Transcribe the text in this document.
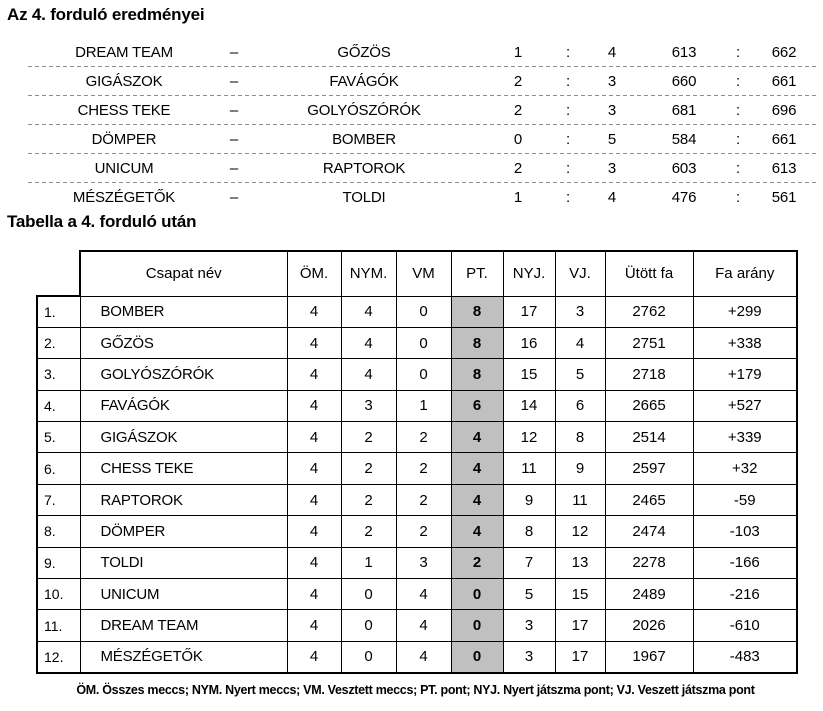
Az 4. forduló eredményei
DREAM TEAM	–	GŐZÖS	1	:	4	613	:	662
GIGÁSZOK	–	FAVÁGÓK	2	:	3	660	:	661
CHESS TEKE	–	GOLYÓSZÓRÓK	2	:	3	681	:	696
DÖMPER	–	BOMBER	0	:	5	584	:	661
UNICUM	–	RAPTOROK	2	:	3	603	:	613
MÉSZÉGETŐK	–	TOLDI	1	:	4	476	:	561
Tabella a 4. forduló után
	Csapat név	ÖM.	NYM.	VM	PT.	NYJ.	VJ.	Ütött fa	Fa arány
1.	BOMBER	4	4	0	8	17	3	2762	+299
2.	GŐZÖS	4	4	0	8	16	4	2751	+338
3.	GOLYÓSZÓRÓK	4	4	0	8	15	5	2718	+179
4.	FAVÁGÓK	4	3	1	6	14	6	2665	+527
5.	GIGÁSZOK	4	2	2	4	12	8	2514	+339
6.	CHESS TEKE	4	2	2	4	11	9	2597	+32
7.	RAPTOROK	4	2	2	4	9	11	2465	-59
8.	DÖMPER	4	2	2	4	8	12	2474	-103
9.	TOLDI	4	1	3	2	7	13	2278	-166
10.	UNICUM	4	0	4	0	5	15	2489	-216
11.	DREAM TEAM	4	0	4	0	3	17	2026	-610
12.	MÉSZÉGETŐK	4	0	4	0	3	17	1967	-483
ÖM. Összes meccs; NYM. Nyert meccs; VM. Vesztett meccs; PT. pont; NYJ. Nyert játszma pont; VJ. Veszett játszma pont
